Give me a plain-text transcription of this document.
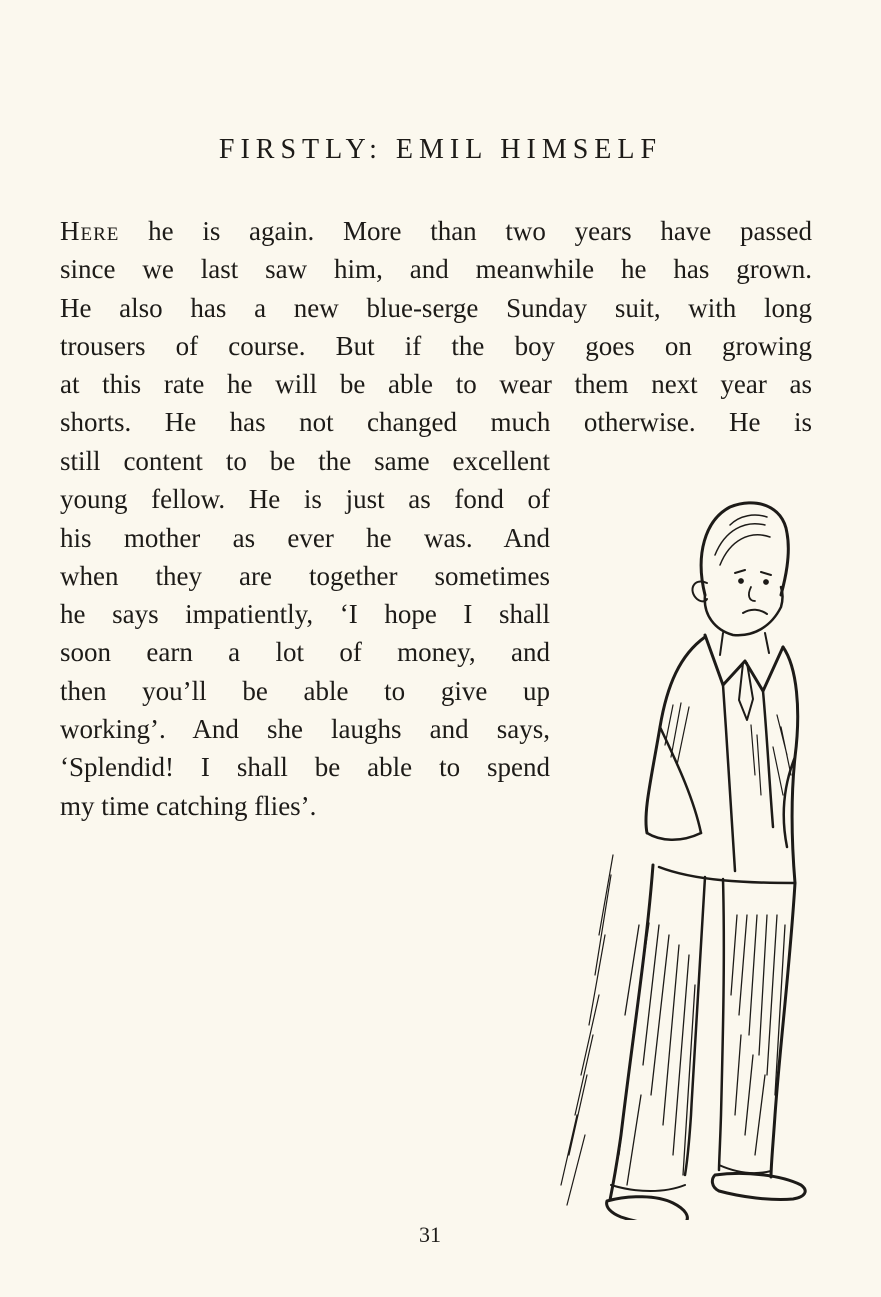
FIRSTLY: EMIL HIMSELF
Here he is again. More than two years have passed
since we last saw him, and meanwhile he has grown.
He also has a new blue-serge Sunday suit, with long
trousers of course. But if the boy goes on growing
at this rate he will be able to wear them next year as
shorts. He has not changed much otherwise. He is
still content to be the same excellent
young fellow. He is just as fond of
his mother as ever he was. And
when they are together sometimes
he says impatiently, ‘I hope I shall
soon earn a lot of money, and
then you’ll be able to give up
working’. And she laughs and says,
‘Splendid! I shall be able to spend
my time catching flies’.
31
